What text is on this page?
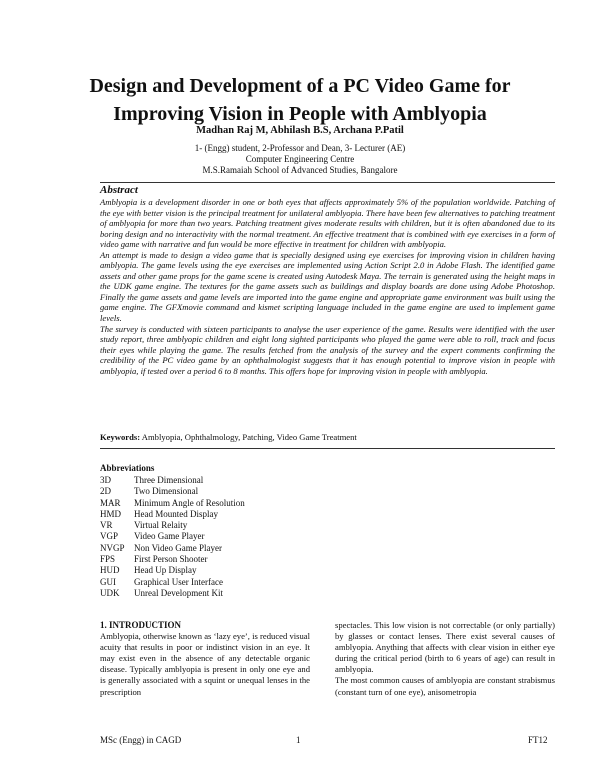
Design and Development of a PC Video Game for
Improving Vision in People with Amblyopia
Madhan Raj M, Abhilash B.S, Archana P.Patil
1- (Engg) student, 2-Professor and Dean, 3- Lecturer (AE)
Computer Engineering Centre
M.S.Ramaiah School of Advanced Studies, Bangalore
Abstract

Amblyopia is a development disorder in one or both eyes that affects approximately 5% of the population worldwide. Patching of the eye with better vision is the principal treatment for unilateral amblyopia. There have been few alternatives to patching treatment of amblyopia for more than two years. Patching treatment gives moderate results with children, but it is often abandoned due to its boring design and no interactivity with the normal treatment. An effective treatment that is combined with eye exercises in a form of video game with narrative and fun would be more effective in treatment for children with amblyopia.

An attempt is made to design a video game that is specially designed using eye exercises for improving vision in children having amblyopia. The game levels using the eye exercises are implemented using Action Script 2.0 in Adobe Flash. The identified game assets and other game props for the game scene is created using Autodesk Maya. The terrain is generated using the height maps in the UDK game engine. The textures for the game assets such as buildings and display boards are done using Adobe Photoshop. Finally the game assets and game levels are imported into the game engine and appropriate game environment was built using the game engine. The GFXmovie command and kismet scripting language included in the game engine are used to implement game levels.

The survey is conducted with sixteen participants to analyse the user experience of the game. Results were identified with the user study report, three amblyopic children and eight long sighted participants who played the game were able to roll, track and focus their eyes while playing the game. The results fetched from the analysis of the survey and the expert comments confirming the credibility of the PC video game by an ophthalmologist suggests that it has enough potential to improve vision in people with amblyopia, if tested over a period 6 to 8 months. This offers hope for improving vision in people with amblyopia.

Keywords: Amblyopia, Ophthalmology, Patching, Video Game Treatment
Abbreviations
3D	Three Dimensional
2D	Two Dimensional
MAR	Minimum Angle of Resolution
HMD	Head Mounted Display
VR	Virtual Relaity
VGP	Video Game Player
NVGP	Non Video Game Player
FPS	First Person Shooter
HUD	Head Up Display
GUI	Graphical User Interface
UDK	Unreal Development Kit
1. INTRODUCTION

Amblyopia, otherwise known as ‘lazy eye’, is reduced visual acuity that results in poor or indistinct vision in an eye. It may exist even in the absence of any detectable organic disease. Typically amblyopia is present in only one eye and is generally associated with a squint or unequal lenses in the prescription

spectacles. This low vision is not correctable (or only partially) by glasses or contact lenses. There exist several causes of amblyopia. Anything that affects with clear vision in either eye during the critical period (birth to 6 years of age) can result in amblyopia.

The most common causes of amblyopia are constant strabismus (constant turn of one eye), anisometropia

MSc (Engg) in CAGD	1	FT12
